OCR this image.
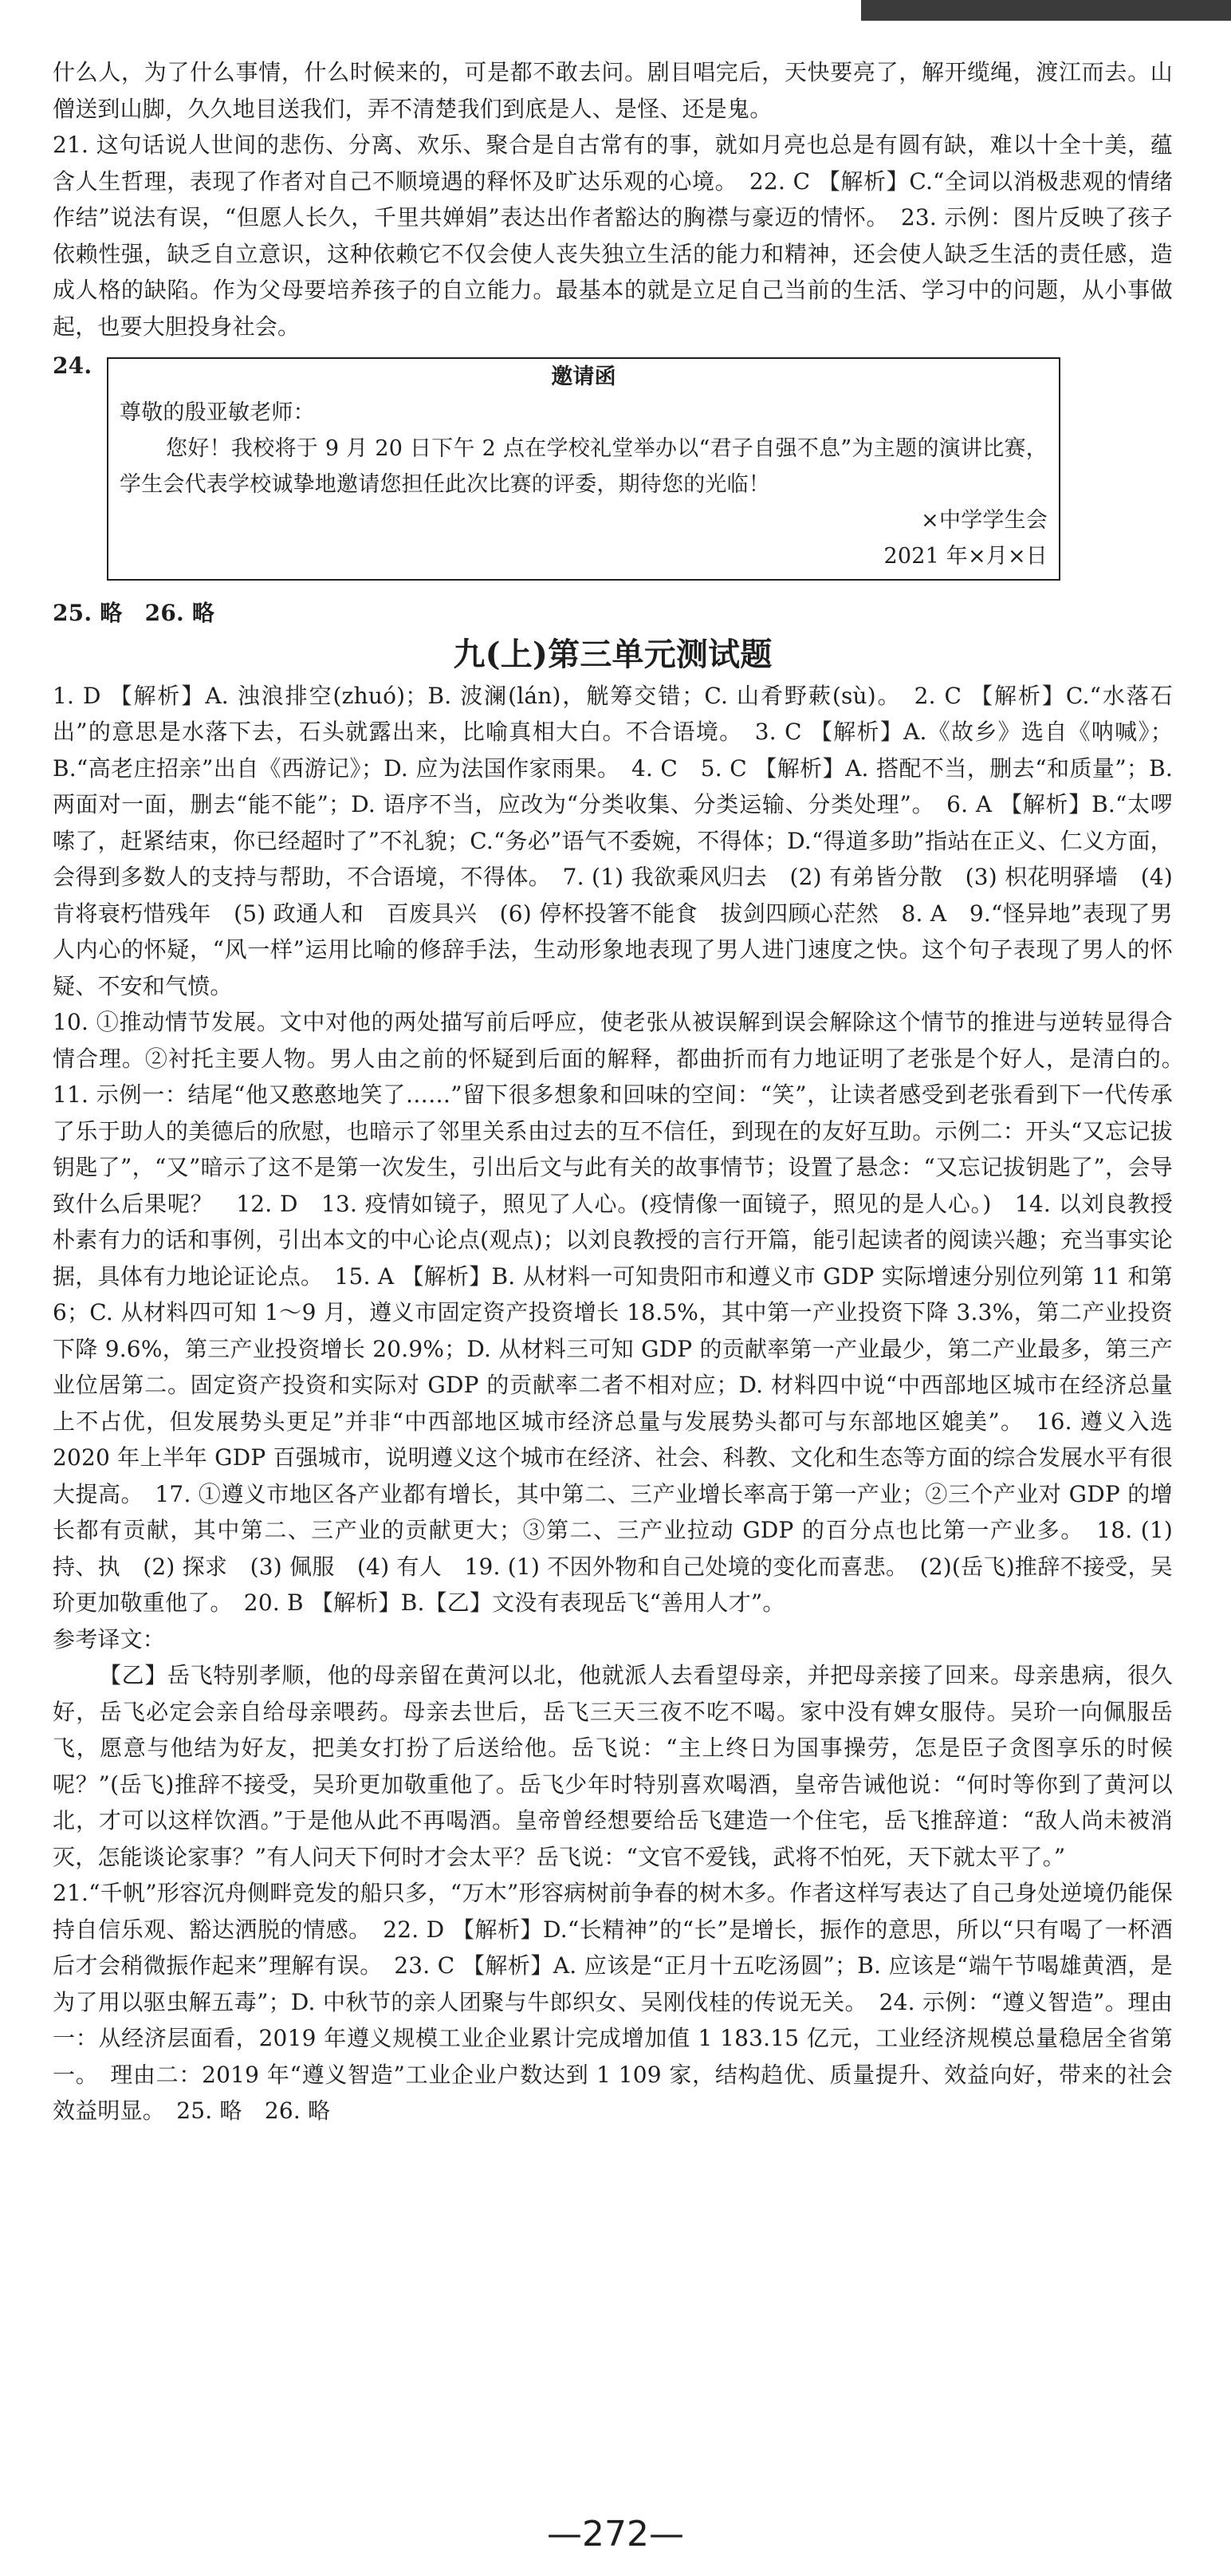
什么人，为了什么事情，什么时候来的，可是都不敢去问。剧目唱完后，天快要亮了，解开缆绳，渡江而去。山僧送到山脚，久久地目送我们，弄不清楚我们到底是人、是怪、还是鬼。

21. 这句话说人世间的悲伤、分离、欢乐、聚合是自古常有的事，就如月亮也总是有圆有缺，难以十全十美，蕴含人生哲理，表现了作者对自己不顺境遇的释怀及旷达乐观的心境。　22. C 【解析】C.“全词以消极悲观的情绪作结”说法有误，“但愿人长久，千里共婵娟”表达出作者豁达的胸襟与豪迈的情怀。　23. 示例：图片反映了孩子依赖性强，缺乏自立意识，这种依赖它不仅会使人丧失独立生活的能力和精神，还会使人缺乏生活的责任感，造成人格的缺陷。作为父母要培养孩子的自立能力。最基本的就是立足自己当前的生活、学习中的问题，从小事做起，也要大胆投身社会。

24.	邀请函
尊敬的殷亚敏老师：
您好！我校将于 9 月 20 日下午 2 点在学校礼堂举办以“君子自强不息”为主题的演讲比赛，学生会代表学校诚挚地邀请您担任此次比赛的评委，期待您的光临！
×中学学生会
2021 年×月×日

25. 略　26. 略

九(上)第三单元测试题

1. D 【解析】A. 浊浪排空(zhuó)；B. 波澜(lán)，觥筹交错；C. 山肴野蔌(sù)。　2. C 【解析】C.“水落石出”的意思是水落下去，石头就露出来，比喻真相大白。不合语境。　3. C 【解析】A.《故乡》选自《呐喊》；B.“高老庄招亲”出自《西游记》；D. 应为法国作家雨果。　4. C　5. C 【解析】A. 搭配不当，删去“和质量”；B. 两面对一面，删去“能不能”；D. 语序不当，应改为“分类收集、分类运输、分类处理”。　6. A 【解析】B.“太啰嗦了，赶紧结束，你已经超时了”不礼貌；C.“务必”语气不委婉，不得体；D.“得道多助”指站在正义、仁义方面，会得到多数人的支持与帮助，不合语境，不得体。　7. (1) 我欲乘风归去　(2) 有弟皆分散　(3) 枳花明驿墙　(4) 肯将衰朽惜残年　(5) 政通人和　百废具兴　(6) 停杯投箸不能食　拔剑四顾心茫然　8. A　9.“怪异地”表现了男人内心的怀疑，“风一样”运用比喻的修辞手法，生动形象地表现了男人进门速度之快。这个句子表现了男人的怀疑、不安和气愤。

10. ①推动情节发展。文中对他的两处描写前后呼应，使老张从被误解到误会解除这个情节的推进与逆转显得合情合理。②衬托主要人物。男人由之前的怀疑到后面的解释，都曲折而有力地证明了老张是个好人，是清白的。　11. 示例一：结尾“他又憨憨地笑了……”留下很多想象和回味的空间：“笑”，让读者感受到老张看到下一代传承了乐于助人的美德后的欣慰，也暗示了邻里关系由过去的互不信任，到现在的友好互助。示例二：开头“又忘记拔钥匙了”，“又”暗示了这不是第一次发生，引出后文与此有关的故事情节；设置了悬念：“又忘记拔钥匙了”，会导致什么后果呢？　12. D　13. 疫情如镜子，照见了人心。(疫情像一面镜子，照见的是人心。)　14. 以刘良教授朴素有力的话和事例，引出本文的中心论点(观点)；以刘良教授的言行开篇，能引起读者的阅读兴趣；充当事实论据，具体有力地论证论点。　15. A 【解析】B. 从材料一可知贵阳市和遵义市 GDP 实际增速分别位列第 11 和第 6；C. 从材料四可知 1～9 月，遵义市固定资产投资增长 18.5%，其中第一产业投资下降 3.3%，第二产业投资下降 9.6%，第三产业投资增长 20.9%；D. 从材料三可知 GDP 的贡献率第一产业最少，第二产业最多，第三产业位居第二。固定资产投资和实际对 GDP 的贡献率二者不相对应；D. 材料四中说“中西部地区城市在经济总量上不占优，但发展势头更足”并非“中西部地区城市经济总量与发展势头都可与东部地区媲美”。　16. 遵义入选 2020 年上半年 GDP 百强城市，说明遵义这个城市在经济、社会、科教、文化和生态等方面的综合发展水平有很大提高。　17. ①遵义市地区各产业都有增长，其中第二、三产业增长率高于第一产业；②三个产业对 GDP 的增长都有贡献，其中第二、三产业的贡献更大；③第二、三产业拉动 GDP 的百分点也比第一产业多。　18. (1) 持、执　(2) 探求　(3) 佩服　(4) 有人　19. (1) 不因外物和自己处境的变化而喜悲。　(2)(岳飞)推辞不接受，吴玠更加敬重他了。　20. B 【解析】B.【乙】文没有表现岳飞“善用人才”。

参考译文：

【乙】岳飞特别孝顺，他的母亲留在黄河以北，他就派人去看望母亲，并把母亲接了回来。母亲患病，很久好，岳飞必定会亲自给母亲喂药。母亲去世后，岳飞三天三夜不吃不喝。家中没有婢女服侍。吴玠一向佩服岳飞，愿意与他结为好友，把美女打扮了后送给他。岳飞说：“主上终日为国事操劳，怎是臣子贪图享乐的时候呢？”(岳飞)推辞不接受，吴玠更加敬重他了。岳飞少年时特别喜欢喝酒，皇帝告诫他说：“何时等你到了黄河以北，才可以这样饮酒。”于是他从此不再喝酒。皇帝曾经想要给岳飞建造一个住宅，岳飞推辞道：“敌人尚未被消灭，怎能谈论家事？”有人问天下何时才会太平？岳飞说：“文官不爱钱，武将不怕死，天下就太平了。”

21.“千帆”形容沉舟侧畔竞发的船只多，“万木”形容病树前争春的树木多。作者这样写表达了自己身处逆境仍能保持自信乐观、豁达洒脱的情感。　22. D 【解析】D.“长精神”的“长”是增长，振作的意思，所以“只有喝了一杯酒后才会稍微振作起来”理解有误。　23. C 【解析】A. 应该是“正月十五吃汤圆”；B. 应该是“端午节喝雄黄酒，是为了用以驱虫解五毒”；D. 中秋节的亲人团聚与牛郎织女、吴刚伐桂的传说无关。　24. 示例：“遵义智造”。理由一：从经济层面看，2019 年遵义规模工业企业累计完成增加值 1 183.15 亿元，工业经济规模总量稳居全省第一。　理由二：2019 年“遵义智造”工业企业户数达到 1 109 家，结构趋优、质量提升、效益向好，带来的社会效益明显。　25. 略　26. 略

—272—
